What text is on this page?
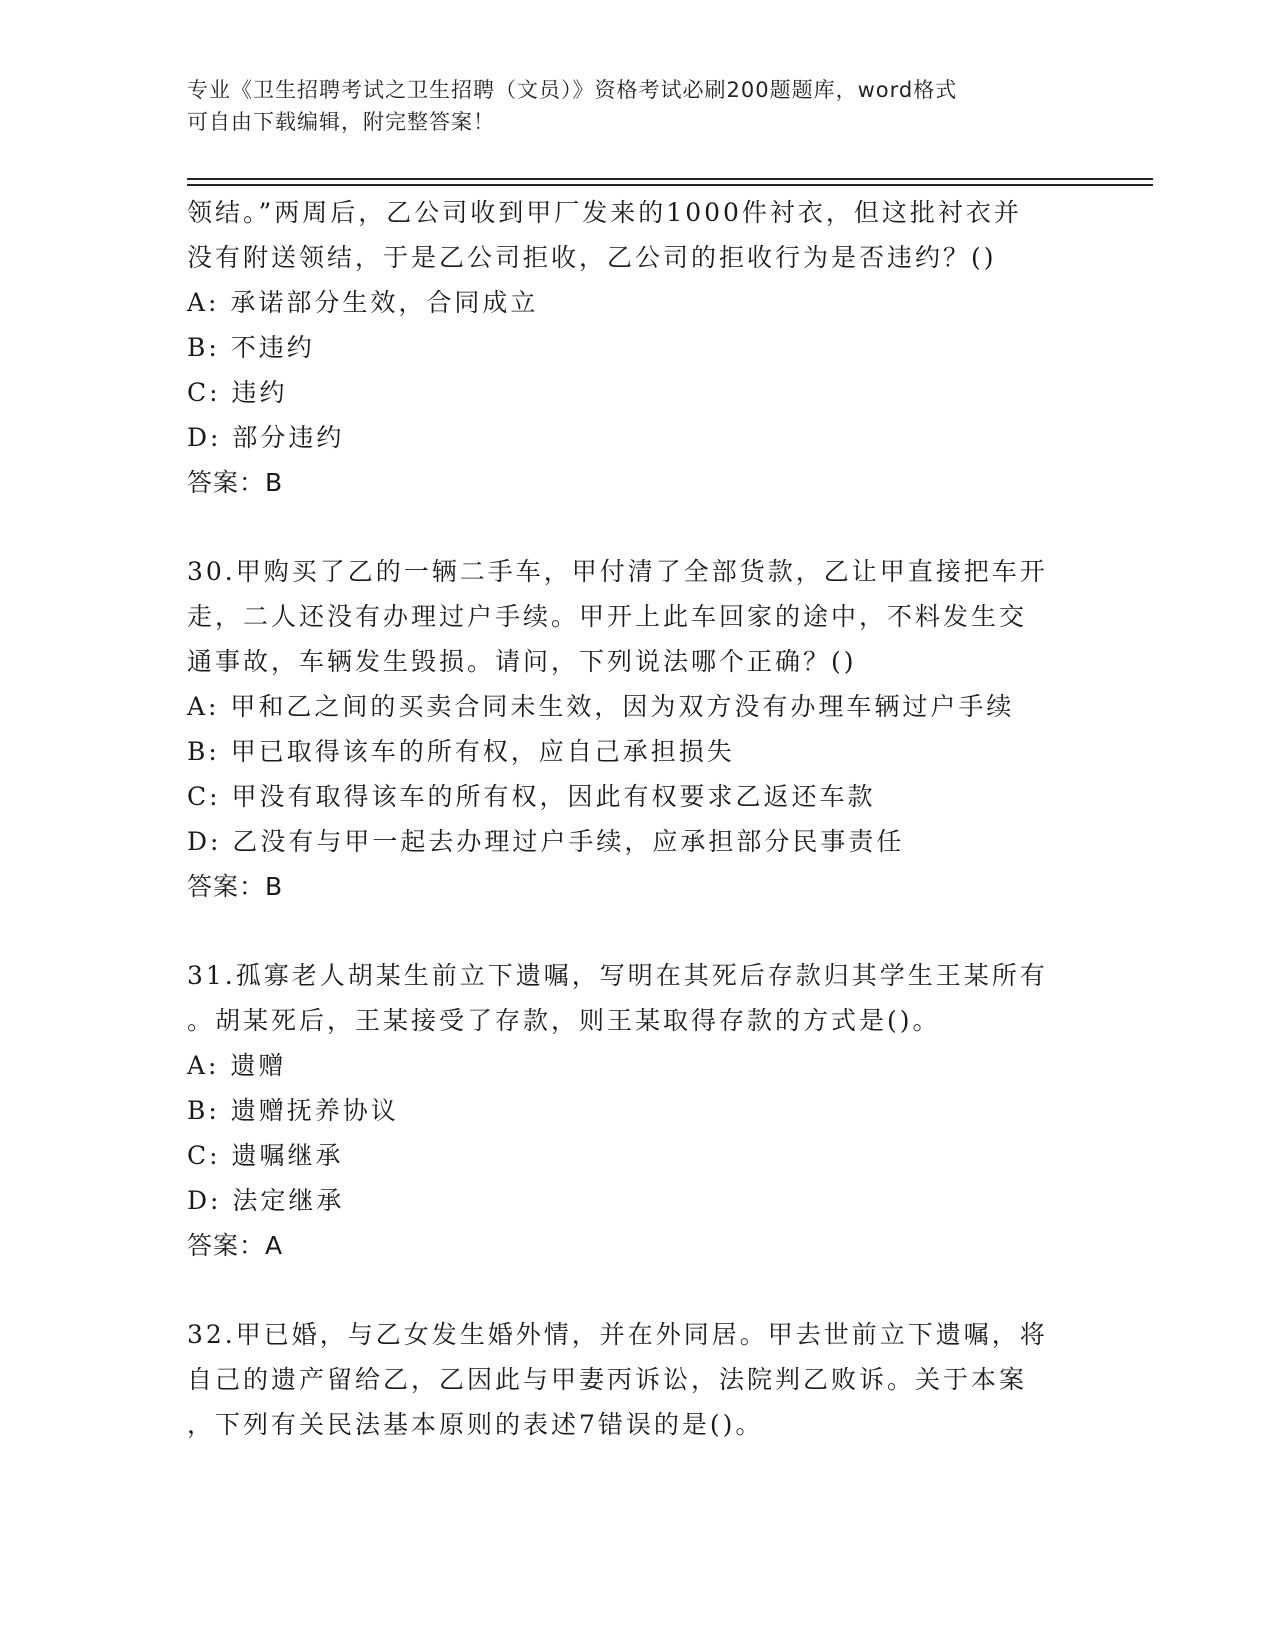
专业《卫生招聘考试之卫生招聘（文员）》资格考试必刷200题题库，word格式
可自由下载编辑，附完整答案！

领结。”两周后，乙公司收到甲厂发来的1000件衬衣，但这批衬衣并
没有附送领结，于是乙公司拒收，乙公司的拒收行为是否违约？()

A: 承诺部分生效，合同成立

B: 不违约

C: 违约

D: 部分违约

答案：B

30.甲购买了乙的一辆二手车，甲付清了全部货款，乙让甲直接把车开
走，二人还没有办理过户手续。甲开上此车回家的途中，不料发生交
通事故，车辆发生毁损。请问，下列说法哪个正确？()

A: 甲和乙之间的买卖合同未生效，因为双方没有办理车辆过户手续

B: 甲已取得该车的所有权，应自己承担损失

C: 甲没有取得该车的所有权，因此有权要求乙返还车款

D: 乙没有与甲一起去办理过户手续，应承担部分民事责任

答案：B

31.孤寡老人胡某生前立下遗嘱，写明在其死后存款归其学生王某所有
。胡某死后，王某接受了存款，则王某取得存款的方式是()。

A: 遗赠

B: 遗赠抚养协议

C: 遗嘱继承

D: 法定继承

答案：A

32.甲已婚，与乙女发生婚外情，并在外同居。甲去世前立下遗嘱，将
自己的遗产留给乙，乙因此与甲妻丙诉讼，法院判乙败诉。关于本案
，下列有关民法基本原则的表述7错误的是()。
